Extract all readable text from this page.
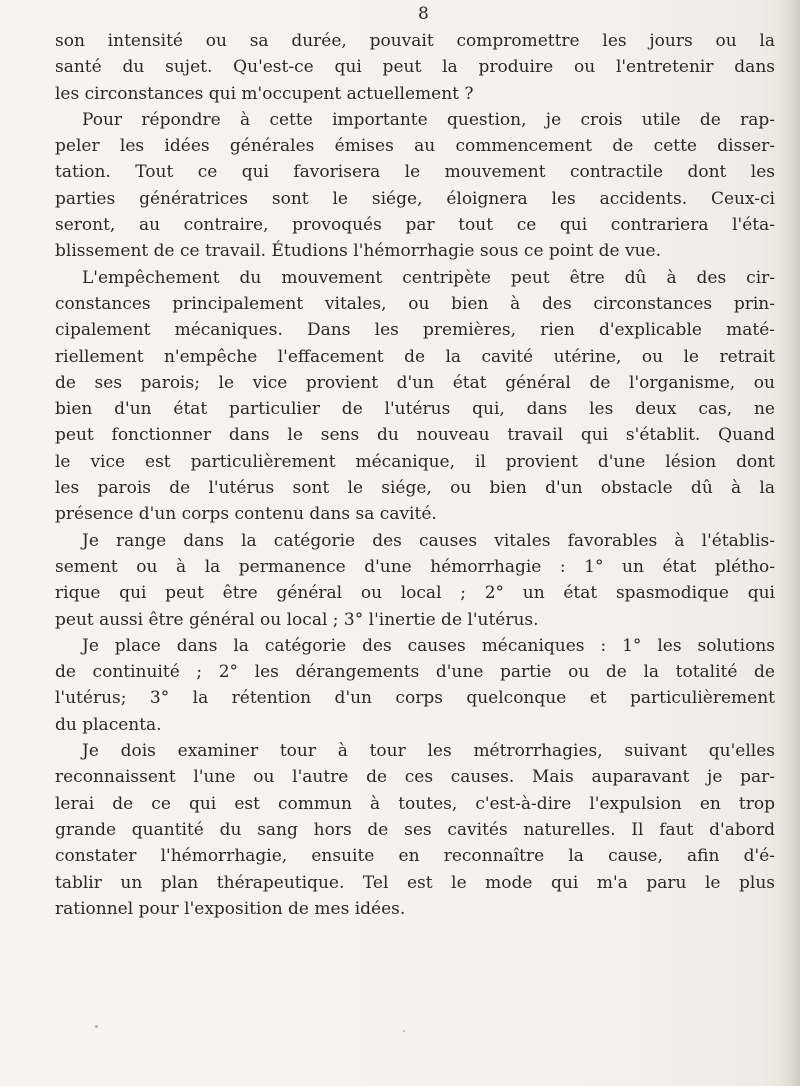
8
son intensité ou sa durée, pouvait compromettre les jours ou la
santé du sujet. Qu'est-ce qui peut la produire ou l'entretenir dans
les circonstances qui m'occupent actuellement ?
Pour répondre à cette importante question, je crois utile de rap-
peler les idées générales émises au commencement de cette disser-
tation. Tout ce qui favorisera le mouvement contractile dont les
parties génératrices sont le siége, éloignera les accidents. Ceux-ci
seront, au contraire, provoqués par tout ce qui contrariera l'éta-
blissement de ce travail. Étudions l'hémorrhagie sous ce point de vue.
L'empêchement du mouvement centripète peut être dû à des cir-
constances principalement vitales, ou bien à des circonstances prin-
cipalement mécaniques. Dans les premières, rien d'explicable maté-
riellement n'empêche l'effacement de la cavité utérine, ou le retrait
de ses parois; le vice provient d'un état général de l'organisme, ou
bien d'un état particulier de l'utérus qui, dans les deux cas, ne
peut fonctionner dans le sens du nouveau travail qui s'établit. Quand
le vice est particulièrement mécanique, il provient d'une lésion dont
les parois de l'utérus sont le siége, ou bien d'un obstacle dû à la
présence d'un corps contenu dans sa cavité.
Je range dans la catégorie des causes vitales favorables à l'établis-
sement ou à la permanence d'une hémorrhagie : 1° un état plétho-
rique qui peut être général ou local ; 2° un état spasmodique qui
peut aussi être général ou local ; 3° l'inertie de l'utérus.
Je place dans la catégorie des causes mécaniques : 1° les solutions
de continuité ; 2° les dérangements d'une partie ou de la totalité de
l'utérus; 3° la rétention d'un corps quelconque et particulièrement
du placenta.
Je dois examiner tour à tour les métrorrhagies, suivant qu'elles
reconnaissent l'une ou l'autre de ces causes. Mais auparavant je par-
lerai de ce qui est commun à toutes, c'est-à-dire l'expulsion en trop
grande quantité du sang hors de ses cavités naturelles. Il faut d'abord
constater l'hémorrhagie, ensuite en reconnaître la cause, afin d'é-
tablir un plan thérapeutique. Tel est le mode qui m'a paru le plus
rationnel pour l'exposition de mes idées.
